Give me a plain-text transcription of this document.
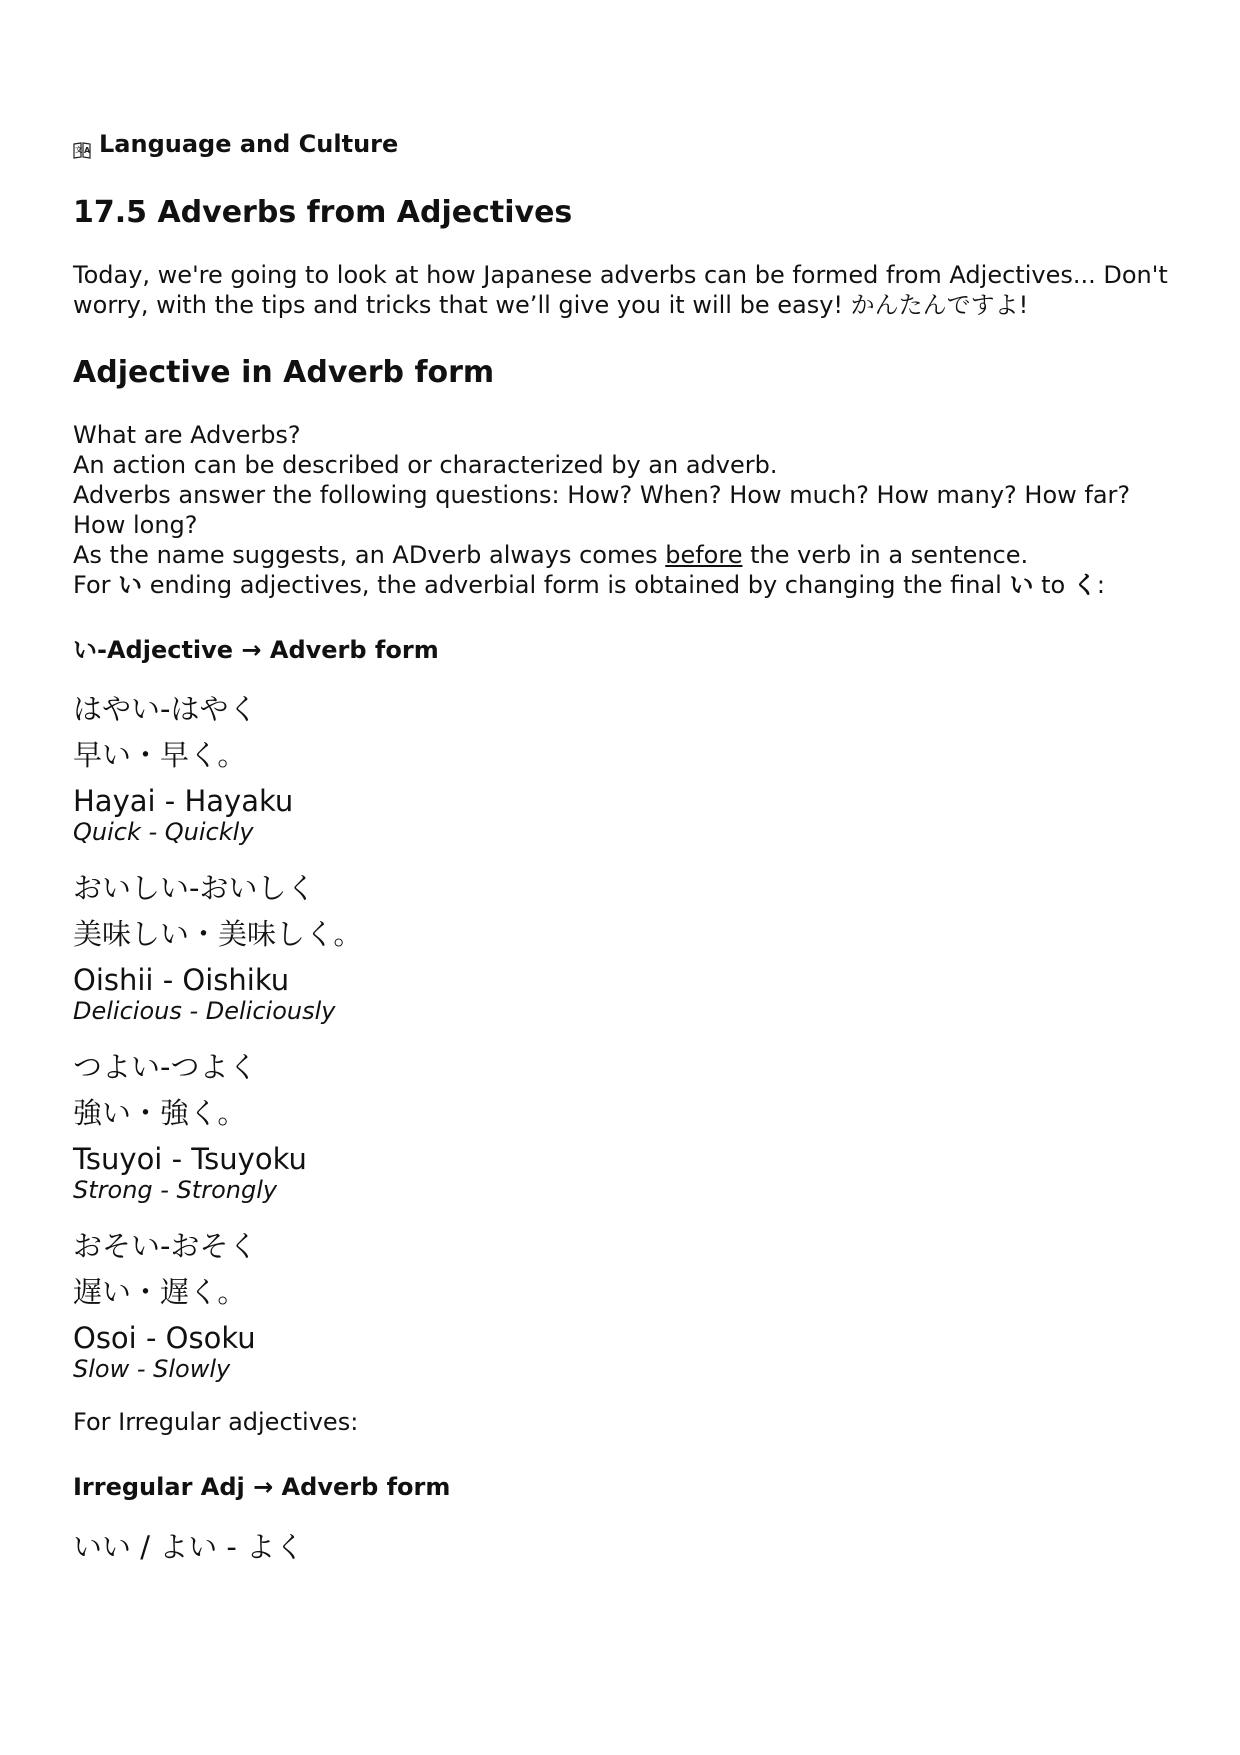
A
文 Language and Culture
17.5 Adverbs from Adjectives

Today, we're going to look at how Japanese adverbs can be formed from Adjectives... Don't worry, with the tips and tricks that we’ll give you it will be easy! かんたんですよ!

Adjective in Adverb form
What are Adverbs?
An action can be described or characterized by an adverb.
Adverbs answer the following questions: How? When? How much? How many? How far? How long?
As the name suggests, an ADverb always comes before the verb in a sentence.
For い ending adjectives, the adverbial form is obtained by changing the final い to く:
い-Adjective → Adverb form
はやい-はやく
早い・早く。
Hayai - Hayaku
Quick - Quickly
おいしい-おいしく
美味しい・美味しく。
Oishii - Oishiku
Delicious - Deliciously
つよい-つよく
強い・強く。
Tsuyoi - Tsuyoku
Strong - Strongly
おそい-おそく
遅い・遅く。
Osoi - Osoku
Slow - Slowly

For Irregular adjectives:

Irregular Adj → Adverb form
いい / よい - よく
